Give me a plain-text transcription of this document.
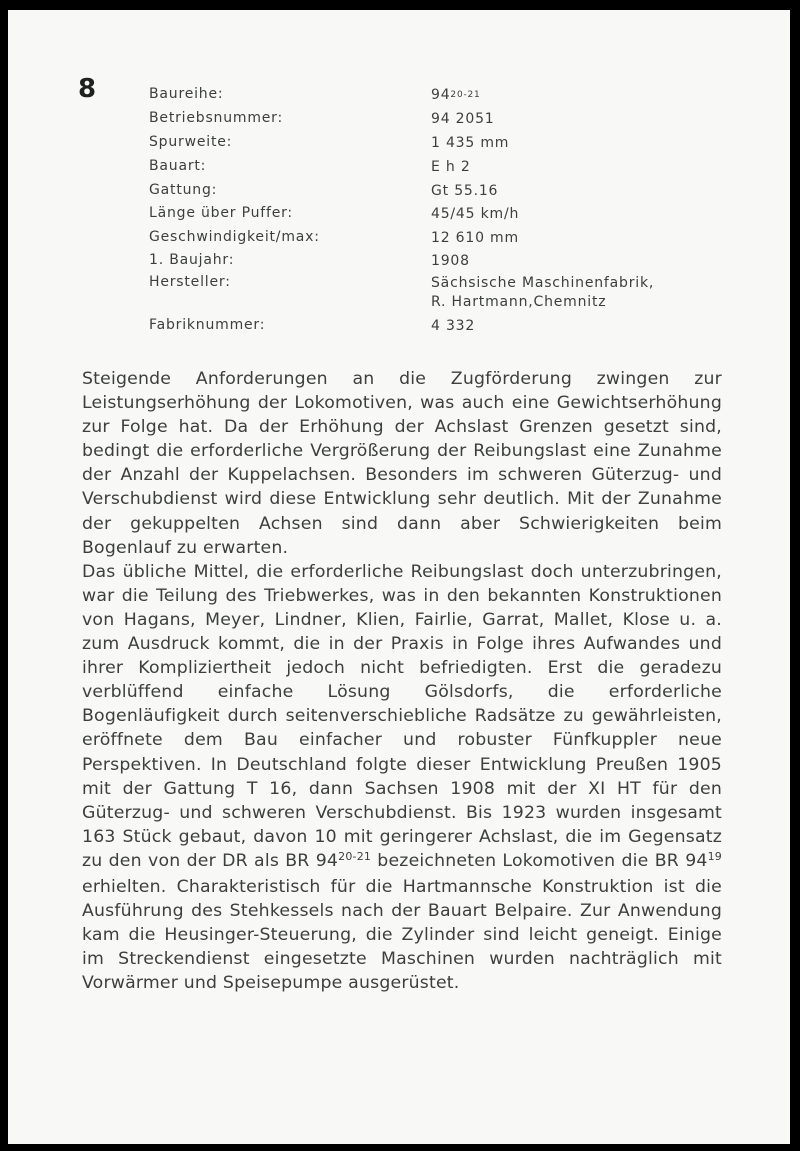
8	Baureihe:	94$^{20-21}$
Betriebsnummer:	94 2051
Spurweite:	1 435 mm
Bauart:	E h 2
Gattung:	Gt 55.16
Länge über Puffer:	45/45 km/h
Geschwindigkeit/max:	12 610 mm
1. Baujahr:	1908
Hersteller:	Sächsische Maschinenfabrik,
R. Hartmann,Chemnitz
Fabriknummer:	4 332

Steigende Anforderungen an die Zugförderung zwingen zur Leistungserhöhung der Lokomotiven, was auch eine Gewichtserhöhung zur Folge hat. Da der Erhöhung der Achslast Grenzen gesetzt sind, bedingt die erforderliche Vergrößerung der Reibungslast eine Zunahme der Anzahl der Kuppelachsen. Besonders im schweren Güterzug- und Verschubdienst wird diese Entwicklung sehr deutlich. Mit der Zunahme der gekuppelten Achsen sind dann aber Schwierigkeiten beim Bogenlauf zu erwarten.

Das übliche Mittel, die erforderliche Reibungslast doch unterzubringen, war die Teilung des Triebwerkes, was in den bekannten Konstruktionen von Hagans, Meyer, Lindner, Klien, Fairlie, Garrat, Mallet, Klose u. a. zum Ausdruck kommt, die in der Praxis in Folge ihres Aufwandes und ihrer Kompliziertheit jedoch nicht befriedigten. Erst die geradezu verblüffend einfache Lösung Gölsdorfs, die erforderliche Bogenläufigkeit durch seitenverschiebliche Radsätze zu gewährleisten, eröffnete dem Bau einfacher und robuster Fünfkuppler neue Perspektiven. In Deutschland folgte dieser Entwicklung Preußen 1905 mit der Gattung T 16, dann Sachsen 1908 mit der XI HT für den Güterzug- und schweren Verschubdienst. Bis 1923 wurden insgesamt 163 Stück gebaut, davon 10 mit geringerer Achslast, die im Gegensatz zu den von der DR als BR 94$^{20-21}$ bezeichneten Lokomotiven die BR $94^{19}$ erhielten. Charakteristisch für die Hartmannsche Konstruktion ist die Ausführung des Stehkessels nach der Bauart Belpaire. Zur Anwendung kam die Heusinger-Steuerung, die Zylinder sind leicht geneigt. Einige im Streckendienst eingesetzte Maschinen wurden nachträglich mit Vorwärmer und Speisepumpe ausgerüstet.
